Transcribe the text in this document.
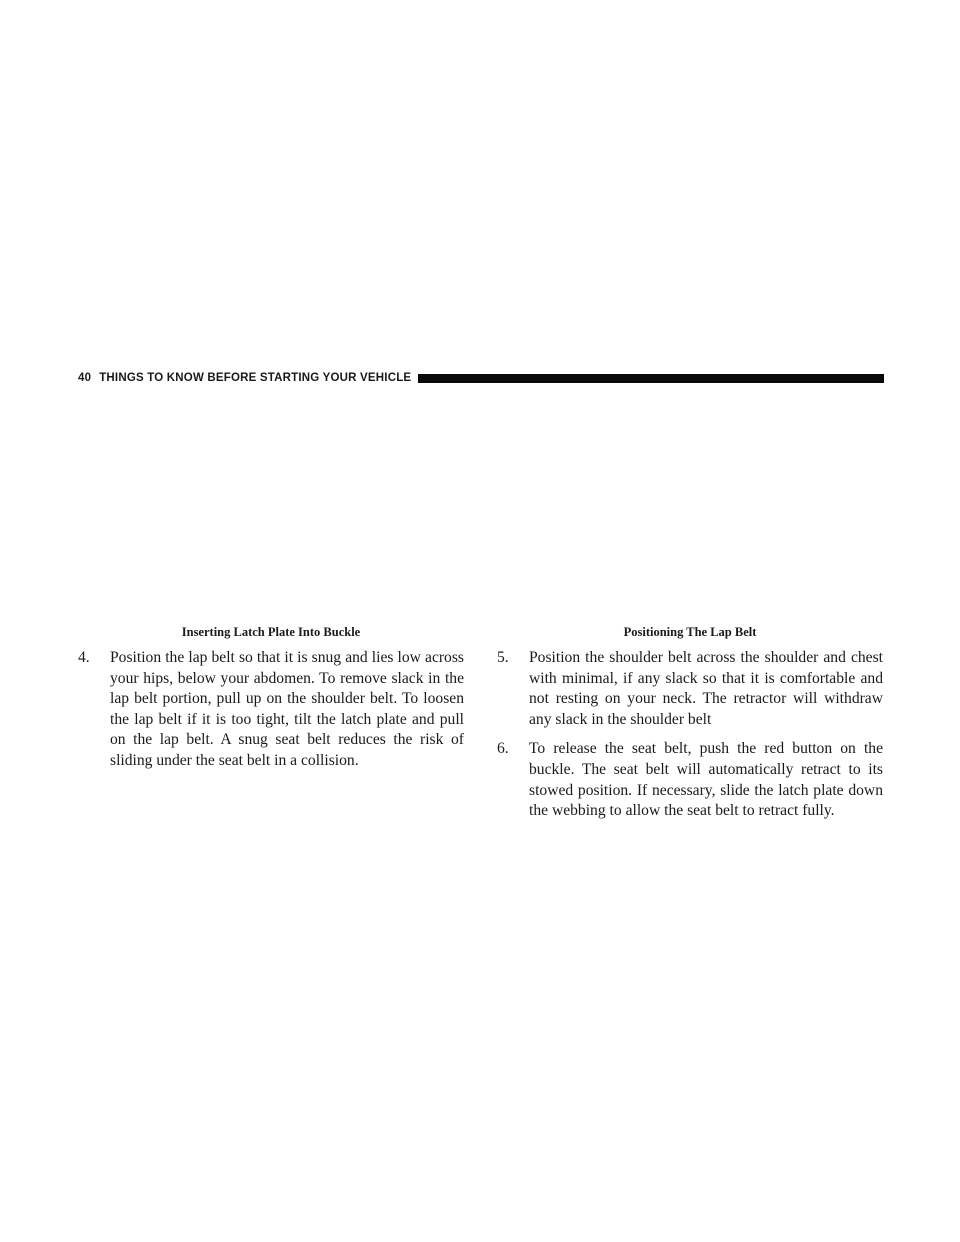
40 THINGS TO KNOW BEFORE STARTING YOUR VEHICLE
Inserting Latch Plate Into Buckle	Positioning The Lap Belt
4. Position the lap belt so that it is snug and lies low across your hips, below your abdomen. To remove slack in the lap belt portion, pull up on the shoulder belt. To loosen the lap belt if it is too tight, tilt the latch plate and pull on the lap belt. A snug seat belt reduces the risk of sliding under the seat belt in a collision.
5. Position the shoulder belt across the shoulder and chest with minimal, if any slack so that it is comfortable and not resting on your neck. The retractor will withdraw any slack in the shoulder belt
6. To release the seat belt, push the red button on the buckle. The seat belt will automatically retract to its stowed position. If necessary, slide the latch plate down the webbing to allow the seat belt to retract fully.
